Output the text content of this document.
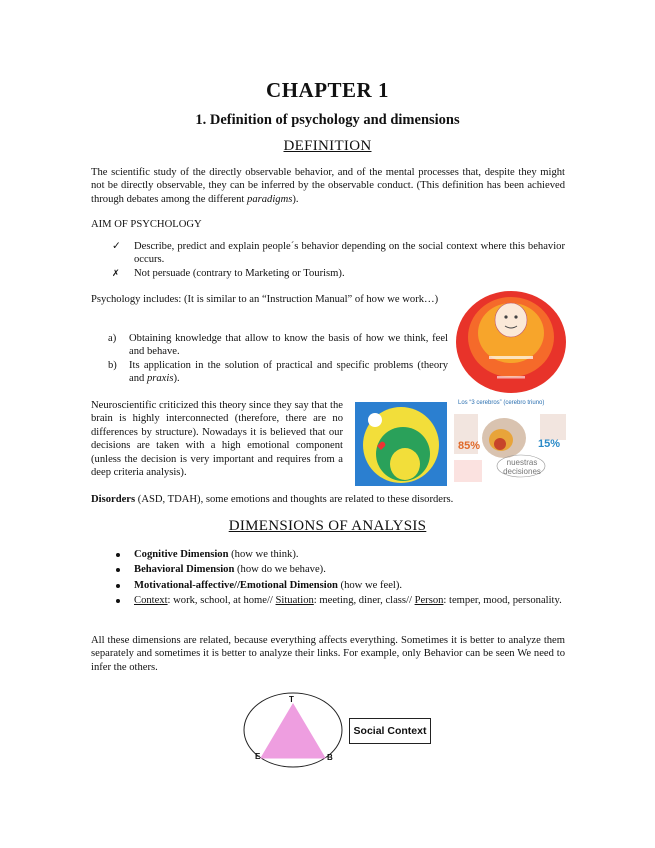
CHAPTER 1
1. Definition of psychology and dimensions
DEFINITION
The scientific study of the directly observable behavior, and of the mental processes that, despite they might not be directly observable, they can be inferred by the observable conduct. (This definition has been achieved through debates among the different paradigms).
AIM OF PSYCHOLOGY
✓ Describe, predict and explain people´s behavior depending on the social context where this behavior occurs.
✗ Not persuade (contrary to Marketing or Tourism).
Psychology includes: (It is similar to an “Instruction Manual” of how we work…)
a) Obtaining knowledge that allow to know the basis of how we think, feel and behave.
b) Its application in the solution of practical and specific problems (theory and praxis).
Neuroscientific criticized this theory since they say that the brain is highly interconnected (therefore, there are no differences by structure). Nowadays it is believed that our decisions are taken with a high emotional component (unless the decision is very important and requires from a deep criteria analysis).
Los “3 cerebros” (cerebro triuno)
85%	15%
nuestras decisiones
Disorders (ASD, TDAH), some emotions and thoughts are related to these disorders.
DIMENSIONS OF ANALYSIS
Cognitive Dimension (how we think).
Behavioral Dimension (how do we behave).
Motivational-affective//Emotional Dimension (how we feel).
Context: work, school, at home// Situation: meeting, diner, class// Person: temper, mood, personality.
All these dimensions are related, because everything affects everything. Sometimes it is better to analyze them separately and sometimes it is better to analyze their links. For example, only Behavior can be seen We need to infer the others.
T
E	B
Social Context
